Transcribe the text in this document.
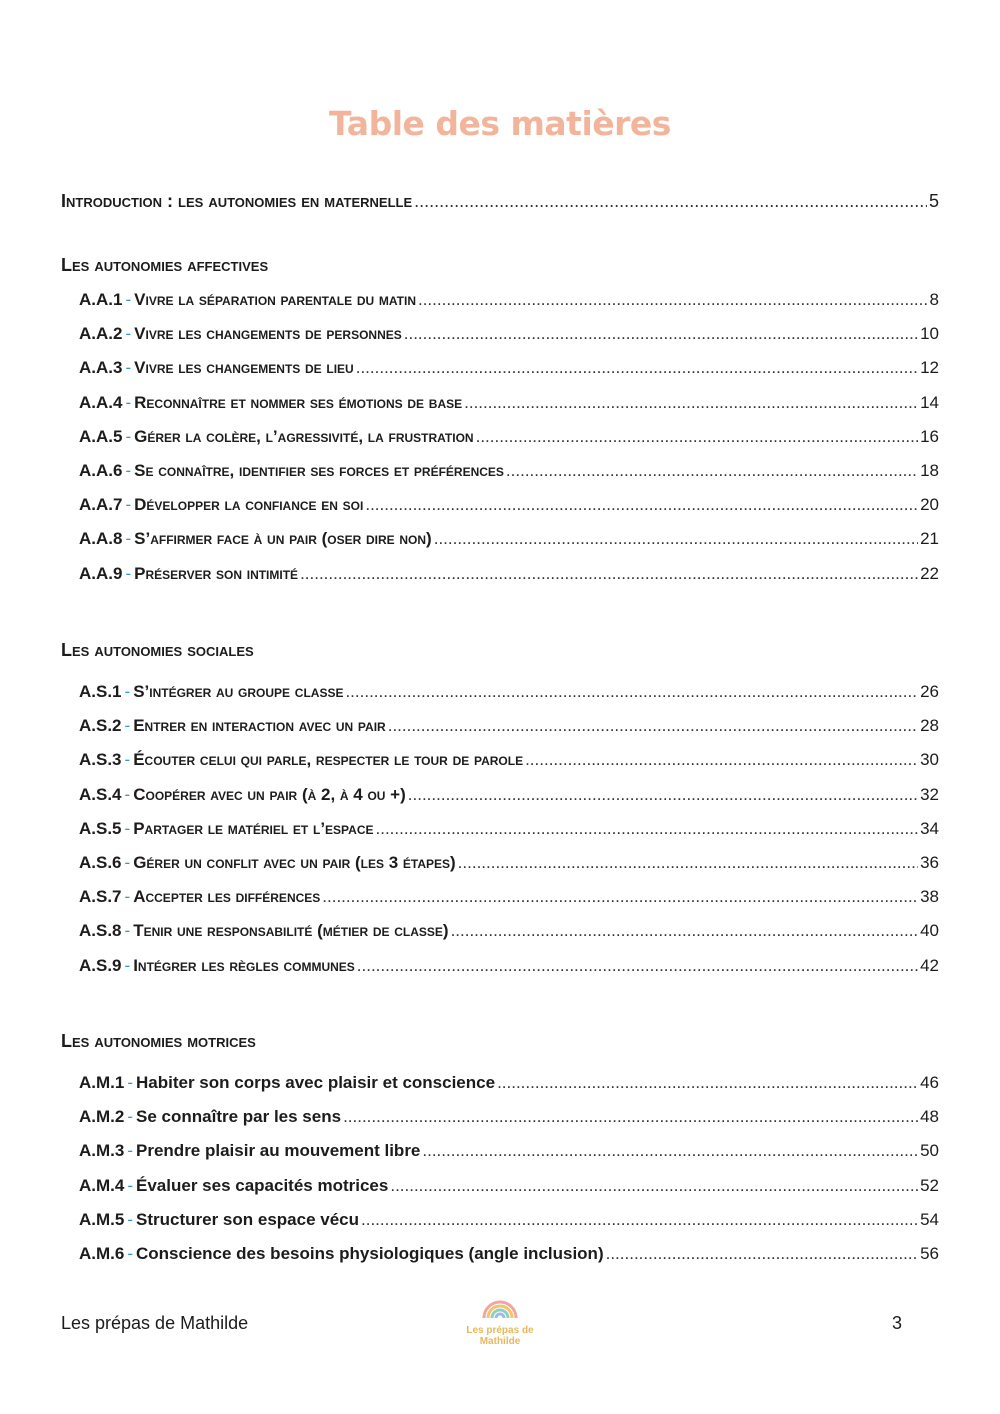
Table des matières
Introduction : les autonomies en maternelle .....	5
Les autonomies affectives
A.A.1 - Vivre la séparation parentale du matin .....	8
A.A.2 - Vivre les changements de personnes .....	10
A.A.3 - Vivre les changements de lieu .....	12
A.A.4 - Reconnaître et nommer ses émotions de base .....	14
A.A.5 - Gérer la colère, l’agressivité, la frustration .....	16
A.A.6 - Se connaître, identifier ses forces et préférences .....	18
A.A.7 - Développer la confiance en soi .....	20
A.A.8 - S’affirmer face à un pair (oser dire non) .....	21
A.A.9 - Préserver son intimité .....	22
Les autonomies sociales
A.S.1 - S’intégrer au groupe classe .....	26
A.S.2 - Entrer en interaction avec un pair .....	28
A.S.3 - Écouter celui qui parle, respecter le tour de parole .....	30
A.S.4 - Coopérer avec un pair (à 2, à 4 ou +) .....	32
A.S.5 - Partager le matériel et l’espace .....	34
A.S.6 - Gérer un conflit avec un pair (les 3 étapes) .....	36
A.S.7 - Accepter les différences .....	38
A.S.8 - Tenir une responsabilité (métier de classe) .....	40
A.S.9 - Intégrer les règles communes .....	42
Les autonomies motrices
A.M.1 - Habiter son corps avec plaisir et conscience .....	46
A.M.2 - Se connaître par les sens .....	48
A.M.3 - Prendre plaisir au mouvement libre .....	50
A.M.4 - Évaluer ses capacités motrices .....	52
A.M.5 - Structurer son espace vécu .....	54
A.M.6 - Conscience des besoins physiologiques (angle inclusion) .....	56
Les prépas de Mathilde	Les prépas de Mathilde
3
